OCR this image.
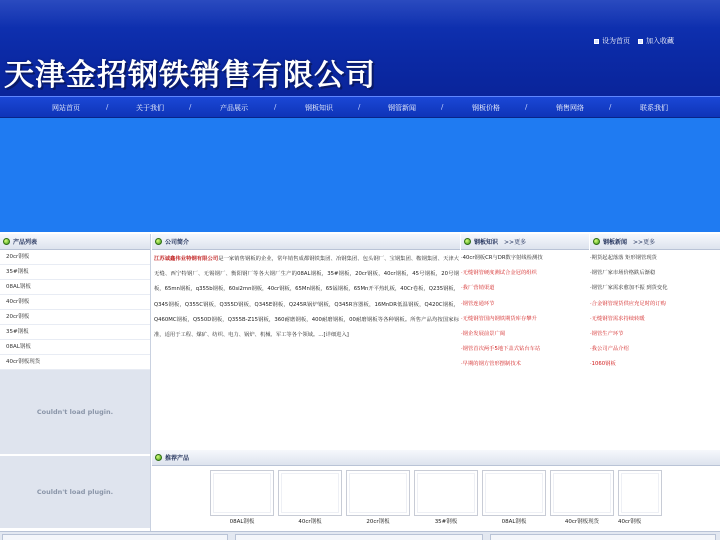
天津金招钢铁销售有限公司
设为首页 加入收藏
网站首页	/	关于我们	/	产品展示	/	钢板知识	/	钢管新闻	/	钢板价格	/	销售网络	/	联系我们
产品列表
20cr钢板
35#钢板
08AL钢板
40cr钢板
20cr钢板
35#钢板
08AL钢板
40cr钢板现货
Couldn't load plugin.
Couldn't load plugin.
公司简介
江苏诚鑫伟业特钢有限公司是一家销售钢板的企业，常年销售成都钢铁集团、冶钢集团、包头钢厂、宝钢集团、鞍钢集团、天津大无缝、西宁特钢厂、无锡钢厂、衡阳钢厂等各大钢厂生产的08AL钢板，35#钢板，20cr钢板，40cr钢板，45号钢板，20号钢板，65mn钢板，q355b钢板，60si2mn钢板，40cr钢板，65Mn钢板，65锰钢板，65Mn开平热轧板，40Cr卷板，Q235钢板，Q345钢板，Q355C钢板，Q355D钢板，Q345E钢板，Q245R锅炉钢板，Q345R容器板，16MnDR低温钢板，Q420C钢板，Q460MC钢板，Q550D钢板，Q355B-Z15钢板，360耐磨钢板，400耐磨钢板，00耐磨钢板等各种钢板。所售产品均按国家标准，适用于工程、煤矿、纺织、电力、锅炉、机械、军工等各个领域。…[详细进入]
钢板知识 >>更多
·40cr钢板CR与DR数字射线检测技
·无缝钢管硬度测试合金冠的组织
·我厂营销渠道
·钢管连通环节
·无缝钢管国内钢铁期货库存攀升
·钢企发展前景广阔
·钢管首次两手5地下盖式钻台车站
·早期的钢方管形摆制技术
钢板新闻 >>更多
·期货起起落落 矩形钢管现货
·钢管厂家市场价格跌后渐稳
·钢管厂家需求愈加不振 到货变化
·合金钢管现货供应充足时的订购
·无缝钢管需求持续转暖
·钢管生产环节
·我公司产品介绍
·1060钢板
推荐产品
08AL钢板	40cr钢板	20cr钢板	35#钢板	08AL钢板	40cr钢板现货	40cr钢板
